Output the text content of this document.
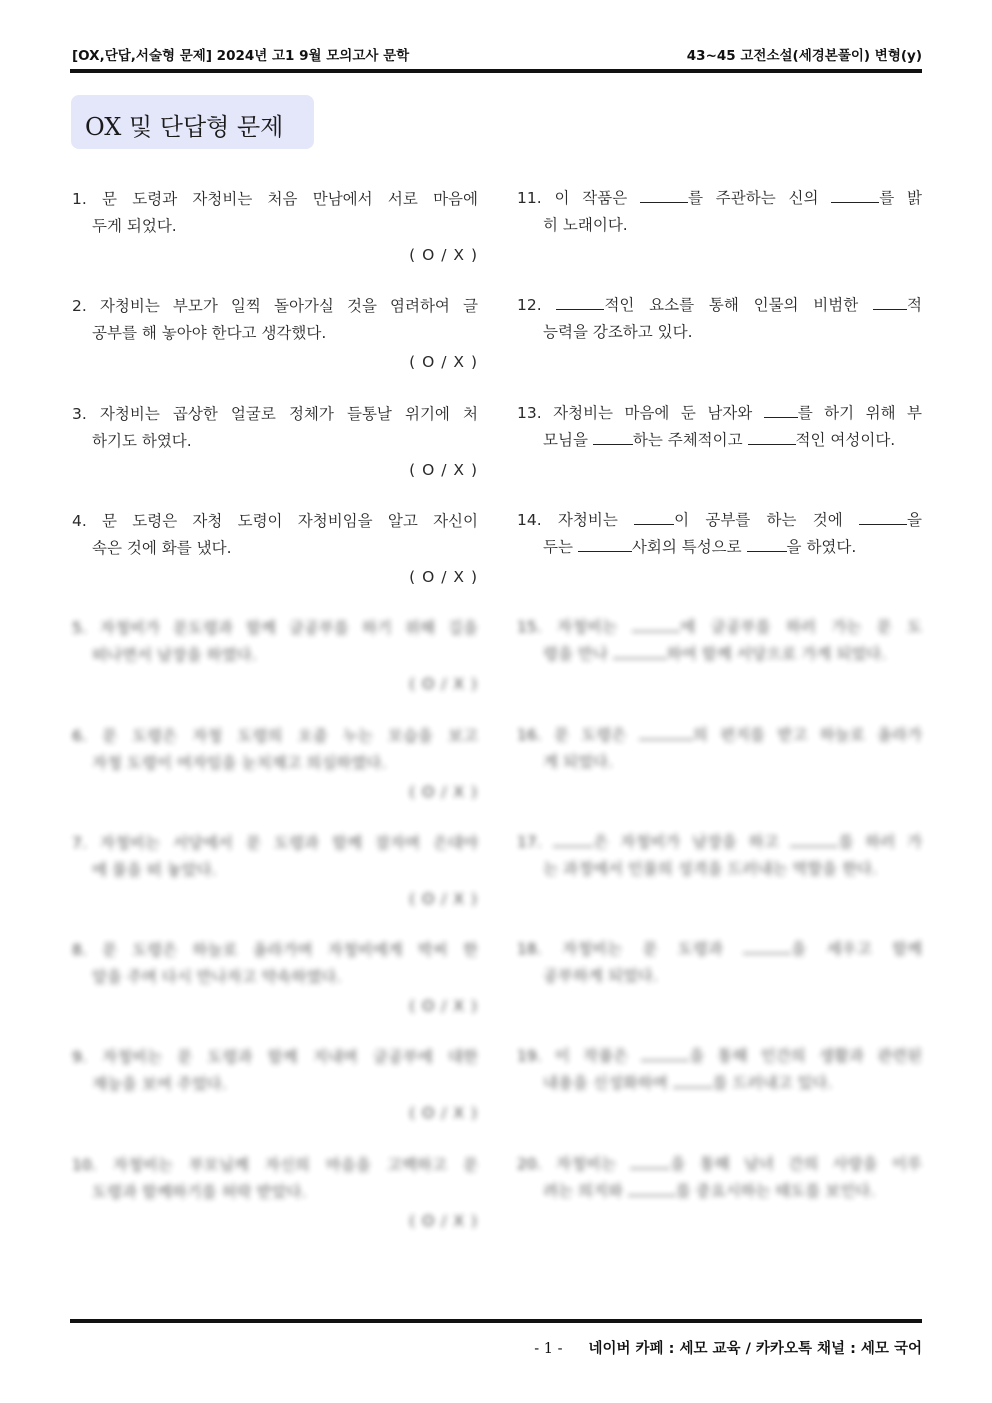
[OX,단답,서술형 문제] 2024년 고1 9월 모의고사 문학	43~45 고전소설(세경본풀이) 변형(y)
OX 및 단답형 문제
1. 문 도령과 자청비는 처음 만남에서 서로 마음에
두게 되었다.
( O / X )
2. 자청비는 부모가 일찍 돌아가실 것을 염려하여 글
공부를 해 놓아야 한다고 생각했다.
( O / X )
3. 자청비는 곱상한 얼굴로 정체가 들통날 위기에 처
하기도 하였다.
( O / X )
4. 문 도령은 자청 도령이 자청비임을 알고 자신이
속은 것에 화를 냈다.
( O / X )
5. 자청비가 문도령과 함께 글공부를 하기 위해 길을
떠나면서 남장을 하였다.
( O / X )
6. 문 도령은 자청 도령의 오줌 누는 모습을 보고
자청 도령이 여자임을 눈치채고 의심하였다.
( O / X )
7. 자청비는 서당에서 문 도령과 함께 잠자며 은대야
에 물을 떠 놓았다.
( O / X )
8. 문 도령은 하늘로 올라가며 자청비에게 박씨 한
알을 주며 다시 만나자고 약속하였다.
( O / X )
9. 자청비는 문 도령과 함께 지내며 글공부에 대한
재능을 보여 주었다.
( O / X )
10. 자청비는 부모님께 자신의 마음을 고백하고 문
도령과 함께하기를 허락 받았다.
( O / X )
11. 이 작품은	를 주관하는 신의	를 밝
히 노래이다.
12.	적인 요소를 통해 인물의 비범한 적
능력을 강조하고 있다.
13. 자청비는 마음에 둔 남자와 를 하기 위해 부
모님을	하는 주체적이고	적인 여성이다.
14. 자청비는	이 공부를 하는 것에	을
두는	사회의 특성으로	을 하였다.
15. 자청비는	에 글공부를 하러 가는 문 도
령을 만나	하여 함께 서당으로 가게 되었다.
16. 문 도령은	의 편지를 받고 하늘로 올라가
게 되었다.
17.	은 자청비가 남장을 하고	를 하러 가
는 과정에서 인물의 성격을 드러내는 역할을 한다.
18. 자청비는 문 도령과	을 세우고 함께
공부하게 되었다.
19. 이 작품은	을 통해 인간의 생활과 관련된
내용을 신성화하며	를 드러내고 있다.
20. 자청비는	을 통해 남녀 간의 사랑을 이루
려는 의지와	를 중요시하는 태도를 보인다.
- 1 - 네이버 카페 : 세모 교육 / 카카오톡 채널 : 세모 국어
